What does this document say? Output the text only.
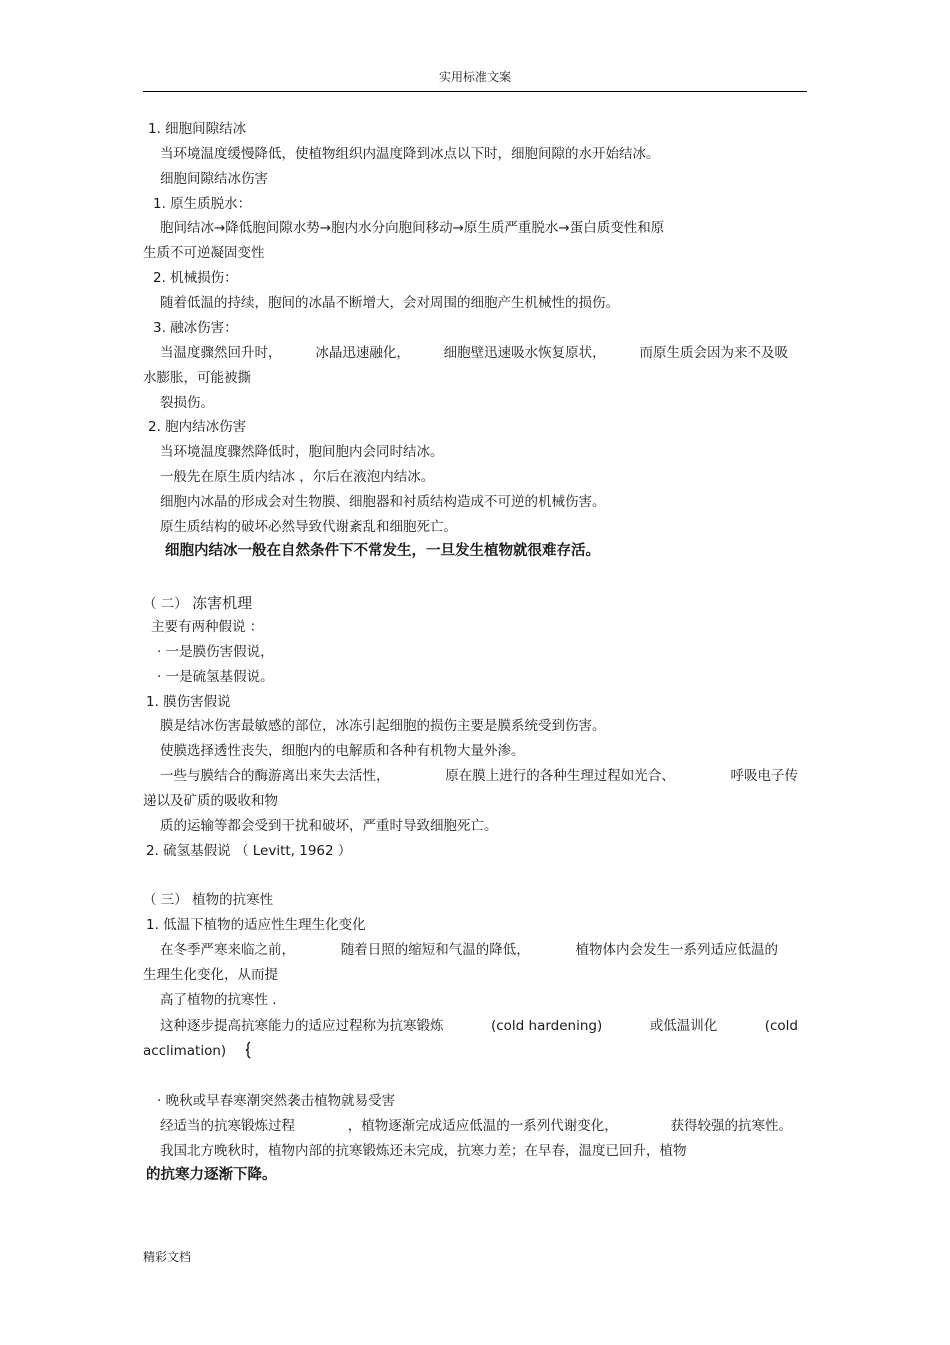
实用标准文案
1. 细胞间隙结冰
当环境温度缓慢降低，使植物组织内温度降到冰点以下时，细胞间隙的水开始结冰。
细胞间隙结冰伤害
1. 原生质脱水：
胞间结冰→降低胞间隙水势→胞内水分向胞间移动→原生质严重脱水→蛋白质变性和原
生质不可逆凝固变性
2. 机械损伤：
随着低温的持续，胞间的冰晶不断增大，会对周围的细胞产生机械性的损伤。
3. 融冰伤害：
当温度骤然回升时，	冰晶迅速融化，	细胞壁迅速吸水恢复原状，	而原生质会因为来不及吸
水膨胀，可能被撕
裂损伤。
2. 胞内结冰伤害
当环境温度骤然降低时，胞间胞内会同时结冰。
一般先在原生质内结冰 ，尔后在液泡内结冰。
细胞内冰晶的形成会对生物膜、细胞器和衬质结构造成不可逆的机械伤害。
原生质结构的破坏必然导致代谢紊乱和细胞死亡。
细胞内结冰一般在自然条件下不常发生，一旦发生植物就很难存活。
（ 二） 冻害机理
主要有两种假说 ：
· 一是膜伤害假说，
· 一是硫氢基假说。
1. 膜伤害假说
膜是结冰伤害最敏感的部位，冰冻引起细胞的损伤主要是膜系统受到伤害。
使膜选择透性丧失，细胞内的电解质和各种有机物大量外渗。
一些与膜结合的酶游离出来失去活性，	原在膜上进行的各种生理过程如光合、	呼吸电子传
递以及矿质的吸收和物
质的运输等都会受到干扰和破坏，严重时导致细胞死亡。
2. 硫氢基假说 （ Levitt, 1962 ）
（ 三） 植物的抗寒性
1. 低温下植物的适应性生理生化变化
在冬季严寒来临之前，	随着日照的缩短和气温的降低，	植物体内会发生一系列适应低温的
生理生化变化，从而提
高了植物的抗寒性 .
这种逐步提高抗寒能力的适应过程称为抗寒锻炼	(cold hardening)	或低温训化	(cold
acclimation)
· 晚秋或早春寒潮突然袭击植物就易受害
经适当的抗寒锻炼过程	，植物逐渐完成适应低温的一系列代谢变化，	获得较强的抗寒性。
我国北方晚秋时，植物内部的抗寒锻炼还未完成，抗寒力差；在早春，温度已回升，植物
的抗寒力逐渐下降。
精彩文档
